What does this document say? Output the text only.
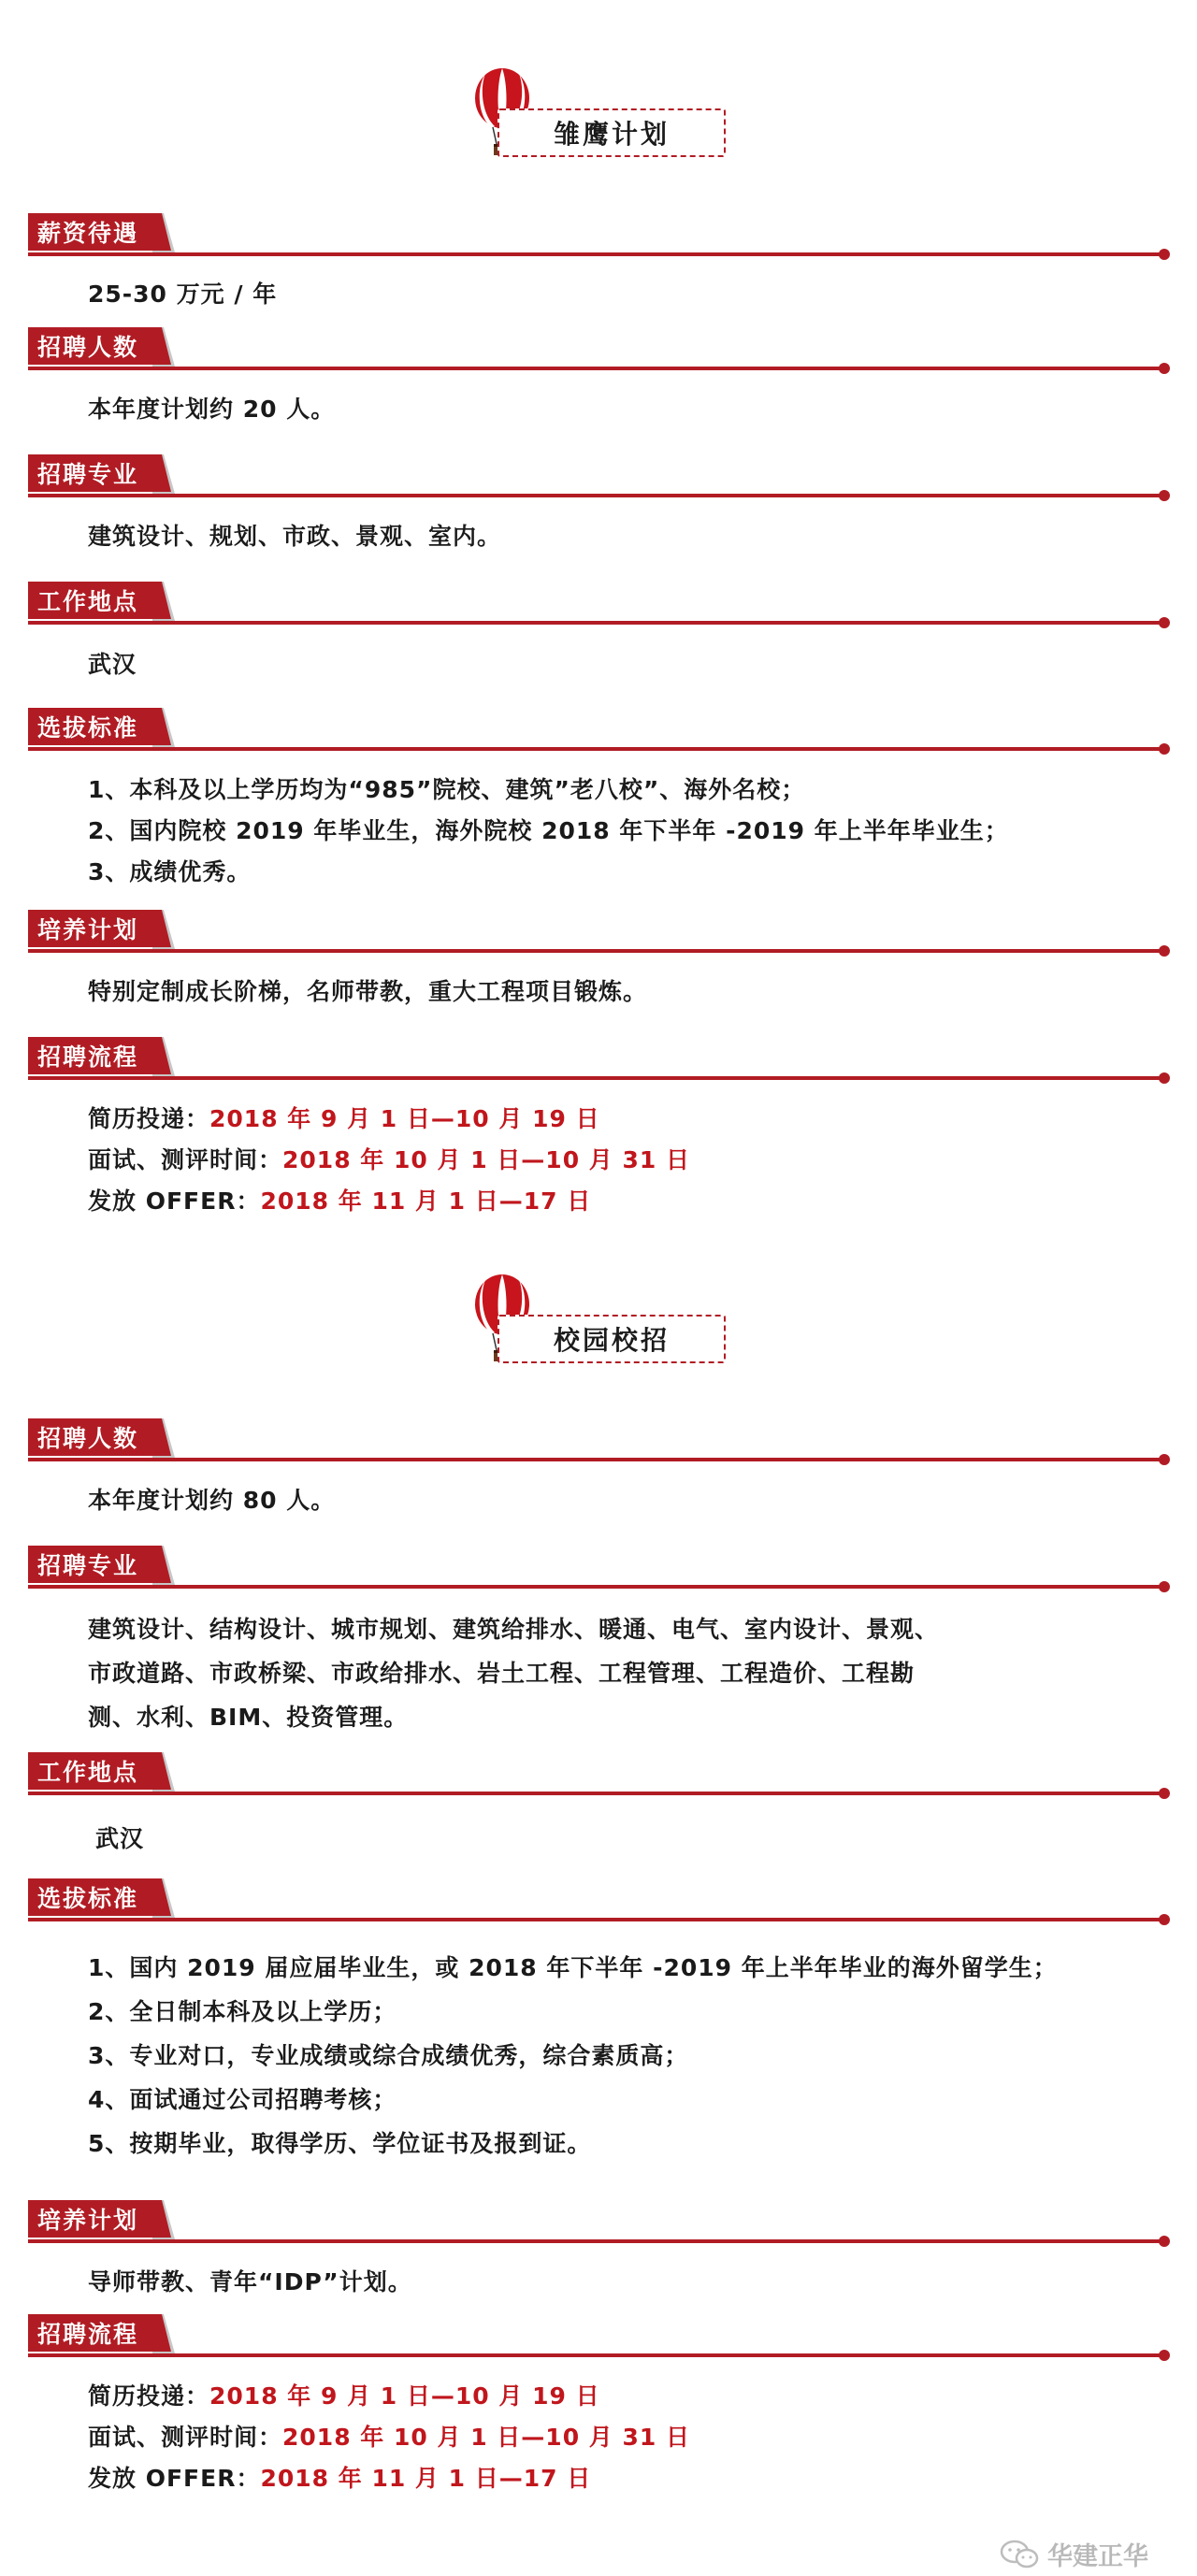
雏鹰计划
薪资待遇
25-30 万元 / 年
招聘人数
本年度计划约 20 人。
招聘专业
建筑设计、规划、市政、景观、室内。
工作地点
武汉
选拔标准
1、本科及以上学历均为“985”院校、建筑”老八校”、海外名校；
2、国内院校 2019 年毕业生，海外院校 2018 年下半年 -2019 年上半年毕业生；
3、成绩优秀。
培养计划
特别定制成长阶梯，名师带教，重大工程项目锻炼。
招聘流程
简历投递：2018 年 9 月 1 日—10 月 19 日
面试、测评时间：2018 年 10 月 1 日—10 月 31 日
发放 OFFER：2018 年 11 月 1 日—17 日
校园校招
招聘人数
本年度计划约 80 人。
招聘专业
建筑设计、结构设计、城市规划、建筑给排水、暖通、电气、室内设计、景观、
市政道路、市政桥梁、市政给排水、岩土工程、工程管理、工程造价、工程勘
测、水利、BIM、投资管理。
工作地点
武汉
选拔标准
1、国内 2019 届应届毕业生，或 2018 年下半年 -2019 年上半年毕业的海外留学生；
2、全日制本科及以上学历；
3、专业对口，专业成绩或综合成绩优秀，综合素质高；
4、面试通过公司招聘考核；
5、按期毕业，取得学历、学位证书及报到证。
培养计划
导师带教、青年“IDP”计划。
招聘流程
简历投递：2018 年 9 月 1 日—10 月 19 日
面试、测评时间：2018 年 10 月 1 日—10 月 31 日
发放 OFFER：2018 年 11 月 1 日—17 日
华建正华
